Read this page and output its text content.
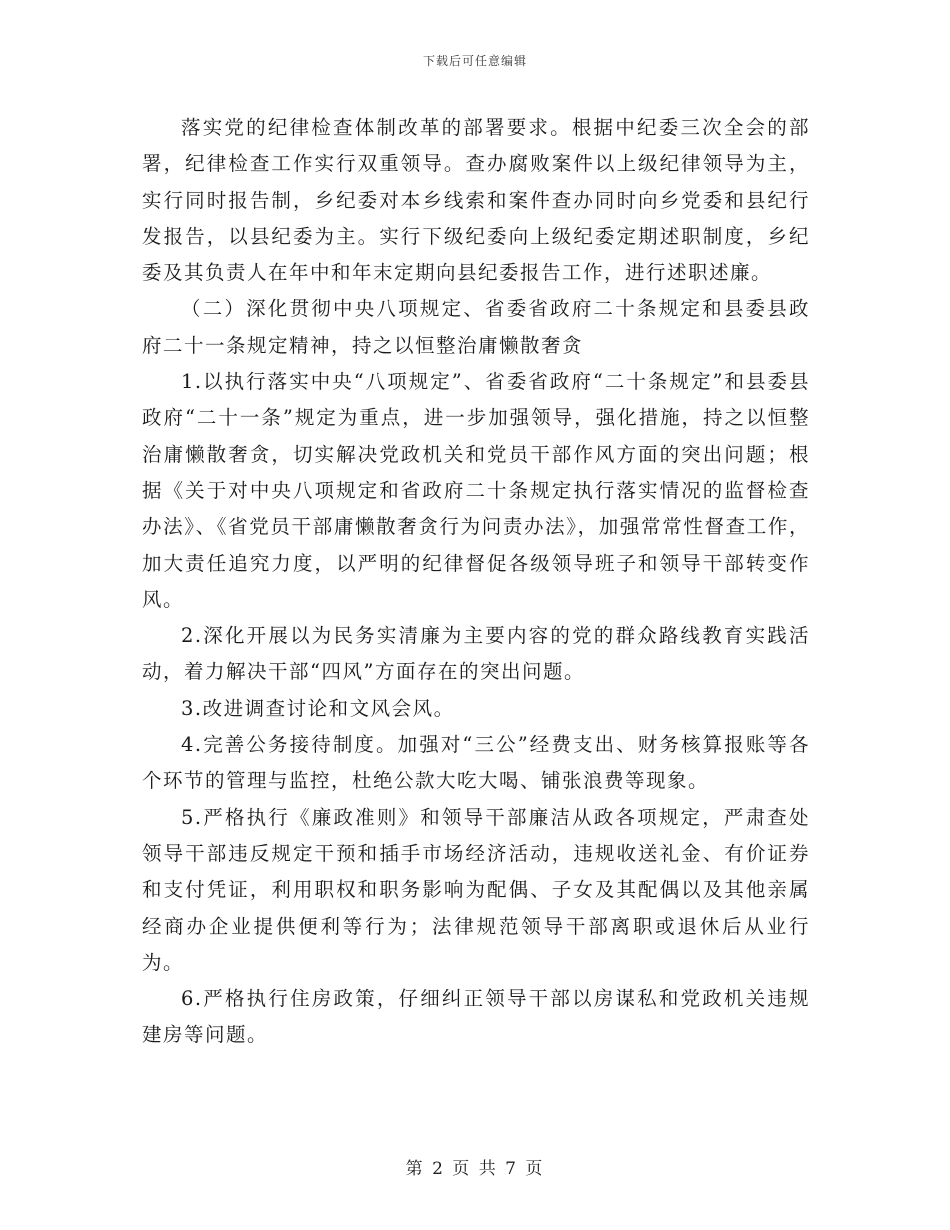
下载后可任意编辑

落实党的纪律检查体制改革的部署要求。根据中纪委三次全会的部署，纪律检查工作实行双重领导。查办腐败案件以上级纪律领导为主，实行同时报告制，乡纪委对本乡线索和案件查办同时向乡党委和县纪行发报告，以县纪委为主。实行下级纪委向上级纪委定期述职制度，乡纪委及其负责人在年中和年末定期向县纪委报告工作，进行述职述廉。

（二）深化贯彻中央八项规定、省委省政府二十条规定和县委县政府二十一条规定精神，持之以恒整治庸懒散奢贪

1.以执行落实中央“八项规定”、省委省政府“二十条规定”和县委县政府“二十一条”规定为重点，进一步加强领导，强化措施，持之以恒整治庸懒散奢贪，切实解决党政机关和党员干部作风方面的突出问题；根据《关于对中央八项规定和省政府二十条规定执行落实情况的监督检查办法》、《省党员干部庸懒散奢贪行为问责办法》，加强常常性督查工作，加大责任追究力度，以严明的纪律督促各级领导班子和领导干部转变作风。

2.深化开展以为民务实清廉为主要内容的党的群众路线教育实践活动，着力解决干部“四风”方面存在的突出问题。

3.改进调查讨论和文风会风。

4.完善公务接待制度。加强对“三公”经费支出、财务核算报账等各个环节的管理与监控，杜绝公款大吃大喝、铺张浪费等现象。

5.严格执行《廉政准则》和领导干部廉洁从政各项规定，严肃查处领导干部违反规定干预和插手市场经济活动，违规收送礼金、有价证券和支付凭证，利用职权和职务影响为配偶、子女及其配偶以及其他亲属经商办企业提供便利等行为；法律规范领导干部离职或退休后从业行为。

6.严格执行住房政策，仔细纠正领导干部以房谋私和党政机关违规建房等问题。

第 2 页 共 7 页
